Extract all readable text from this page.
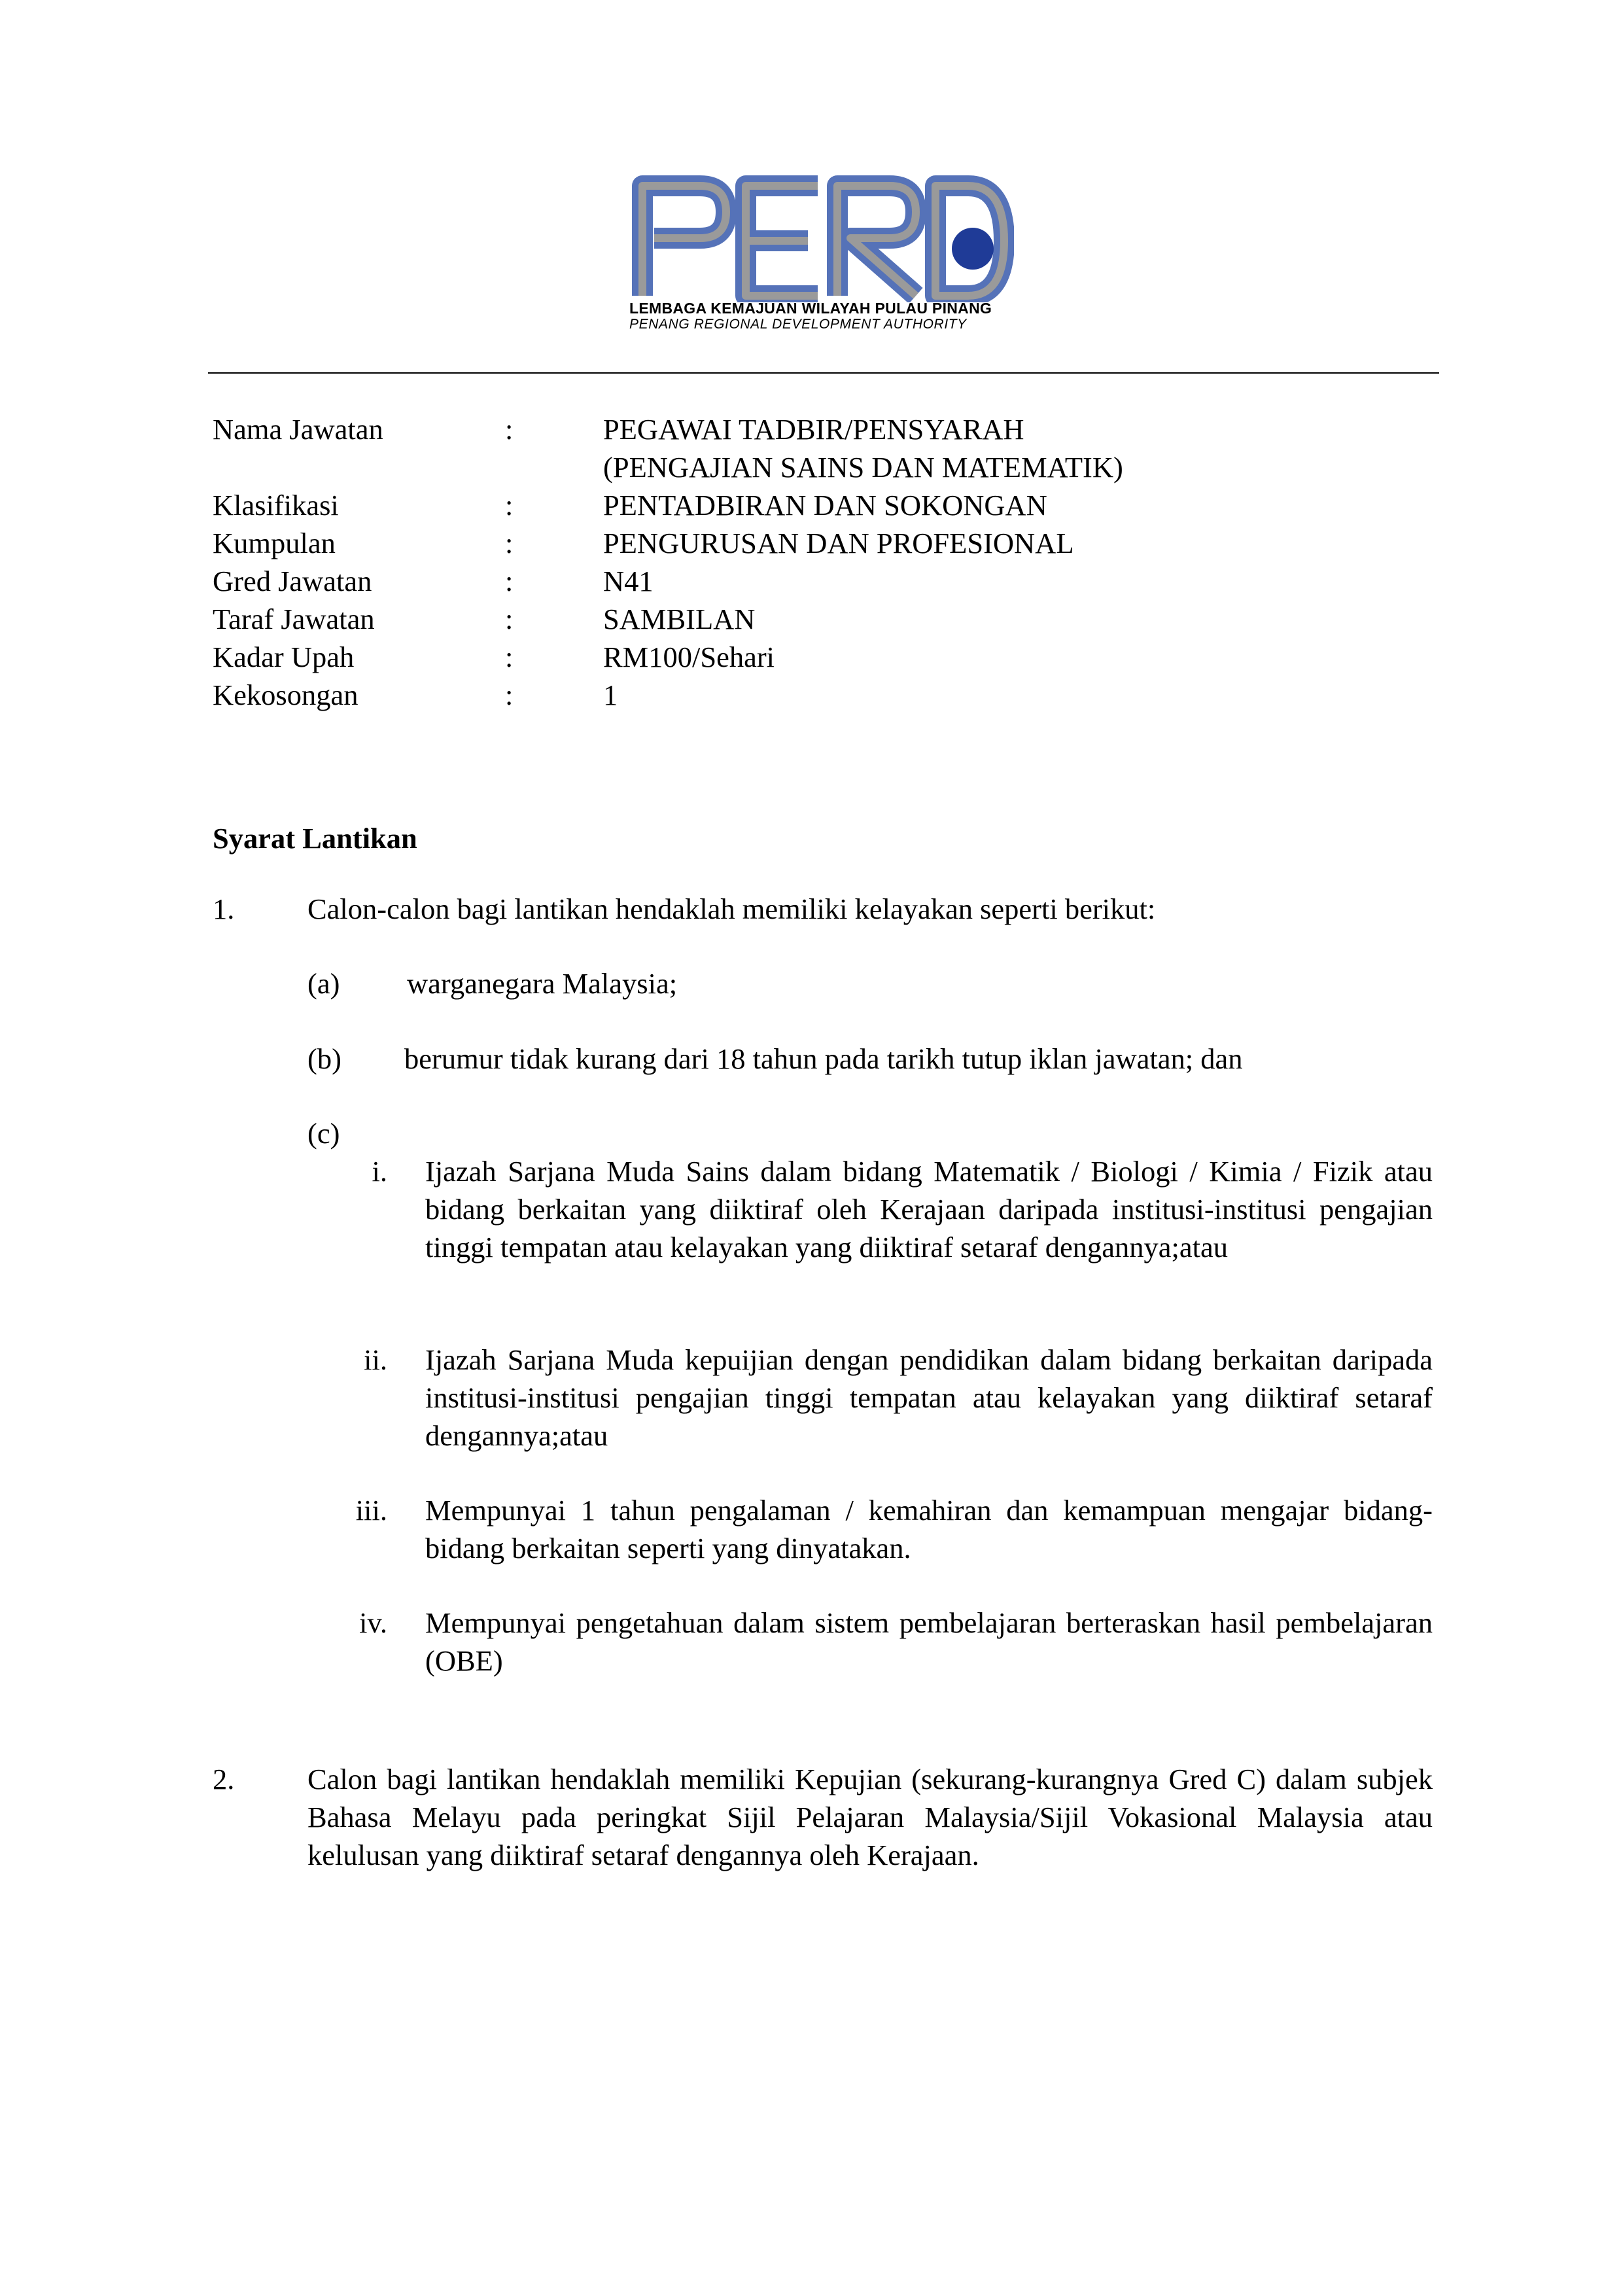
LEMBAGA KEMAJUAN WILAYAH PULAU PINANG
PENANG REGIONAL DEVELOPMENT AUTHORITY
Nama Jawatan	:	PEGAWAI TADBIR/PENSYARAH
(PENGAJIAN SAINS DAN MATEMATIK)
Klasifikasi	:	PENTADBIRAN DAN SOKONGAN
Kumpulan	:	PENGURUSAN DAN PROFESIONAL
Gred Jawatan	:	N41
Taraf Jawatan	:	SAMBILAN
Kadar Upah	:	RM100/Sehari
Kekosongan	:	1
Syarat Lantikan
1.	Calon-calon bagi lantikan hendaklah memiliki kelayakan seperti berikut:
(a) warganegara Malaysia;
(b) berumur tidak kurang dari 18 tahun pada tarikh tutup iklan jawatan; dan
(c)
i. Ijazah Sarjana Muda Sains dalam bidang Matematik / Biologi / Kimia / Fizik atau bidang berkaitan yang diiktiraf oleh Kerajaan daripada institusi-institusi pengajian tinggi tempatan atau kelayakan yang diiktiraf setaraf dengannya;atau
ii. Ijazah Sarjana Muda kepuijian dengan pendidikan dalam bidang berkaitan daripada institusi-institusi pengajian tinggi tempatan atau kelayakan yang diiktiraf setaraf dengannya;atau
iii. Mempunyai 1 tahun pengalaman / kemahiran dan kemampuan mengajar bidang-bidang berkaitan seperti yang dinyatakan.
iv. Mempunyai pengetahuan dalam sistem pembelajaran berteraskan hasil pembelajaran (OBE)
2.	Calon bagi lantikan hendaklah memiliki Kepujian (sekurang-kurangnya Gred C) dalam subjek Bahasa Melayu pada peringkat Sijil Pelajaran Malaysia/Sijil Vokasional Malaysia atau kelulusan yang diiktiraf setaraf dengannya oleh Kerajaan.
